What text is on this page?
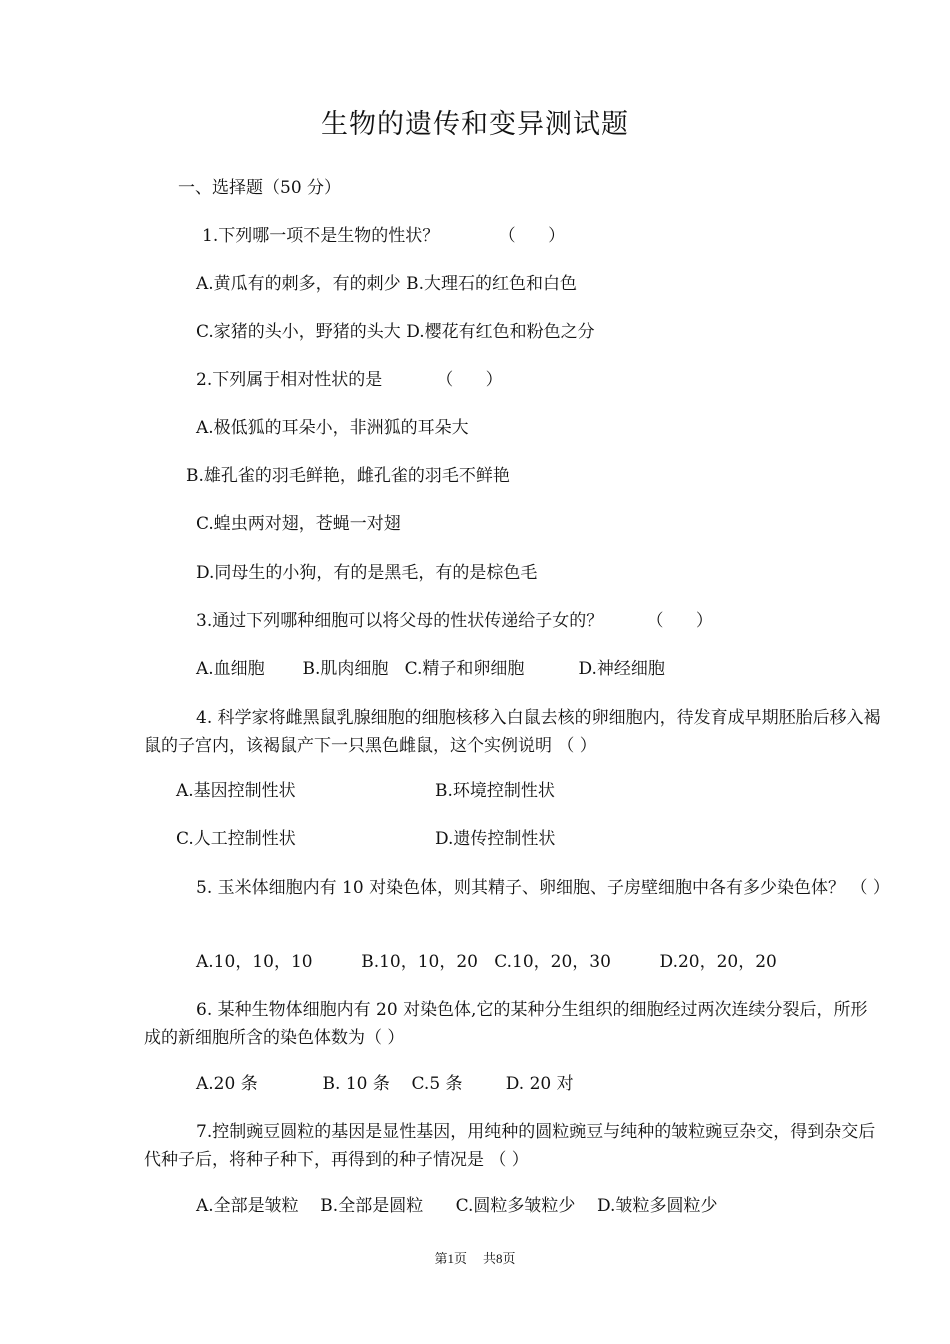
生物的遗传和变异测试题
一、选择题（50 分）
1.下列哪一项不是生物的性状？           （      ）
A.黄瓜有的刺多，有的刺少 B.大理石的红色和白色
C.家猪的头小，野猪的头大 D.樱花有红色和粉色之分
2.下列属于相对性状的是          （      ）
A.极低狐的耳朵小，非洲狐的耳朵大
B.雄孔雀的羽毛鲜艳，雌孔雀的羽毛不鲜艳
C.蝗虫两对翅，苍蝇一对翅
D.同母生的小狗，有的是黑毛，有的是棕色毛
3.通过下列哪种细胞可以将父母的性状传递给子女的？        （      ）
A.血细胞       B.肌肉细胞   C.精子和卵细胞          D.神经细胞
4. 科学家将雌黑鼠乳腺细胞的细胞核移入白鼠去核的卵细胞内，待发育成早期胚胎后移入褐鼠的子宫内，该褐鼠产下一只黑色雌鼠，这个实例说明 （ ）
A.基因控制性状	B.环境控制性状
C.人工控制性状	D.遗传控制性状
5. 玉米体细胞内有 10 对染色体，则其精子、卵细胞、子房壁细胞中各有多少染色体？ （ ）
A.10，10，10         B.10，10，20   C.10，20，30         D.20，20，20
6. 某种生物体细胞内有 20 对染色体,它的某种分生组织的细胞经过两次连续分裂后，所形成的新细胞所含的染色体数为（ ）
A.20 条            B. 10 条    C.5 条        D. 20 对
7.控制豌豆圆粒的基因是显性基因，用纯种的圆粒豌豆与纯种的皱粒豌豆杂交，得到杂交后代种子后，将种子种下，再得到的种子情况是 （ ）
A.全部是皱粒    B.全部是圆粒      C.圆粒多皱粒少    D.皱粒多圆粒少
第1页 共8页
